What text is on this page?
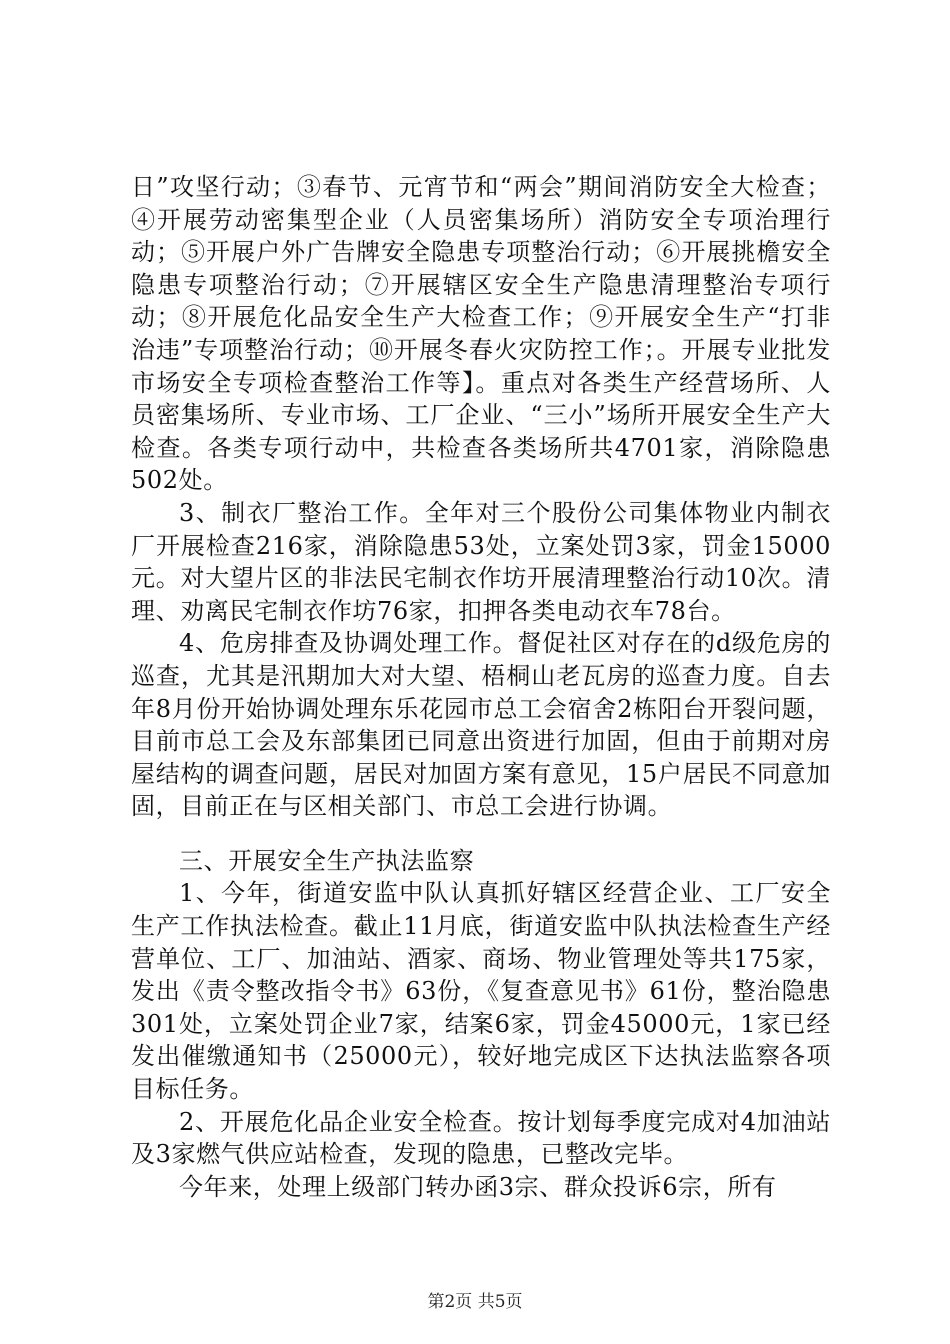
日”攻坚行动；③春节、元宵节和“两会”期间消防安全大检查；④开展劳动密集型企业（人员密集场所）消防安全专项治理行动；⑤开展户外广告牌安全隐患专项整治行动；⑥开展挑檐安全隐患专项整治行动；⑦开展辖区安全生产隐患清理整治专项行动；⑧开展危化品安全生产大检查工作；⑨开展安全生产“打非治违”专项整治行动；⑩开展冬春火灾防控工作；。开展专业批发市场安全专项检查整治工作等】。重点对各类生产经营场所、人员密集场所、专业市场、工厂企业、“三小”场所开展安全生产大检查。各类专项行动中，共检查各类场所共4701家，消除隐患502处。

3、制衣厂整治工作。全年对三个股份公司集体物业内制衣厂开展检查216家，消除隐患53处，立案处罚3家，罚金15000元。对大望片区的非法民宅制衣作坊开展清理整治行动10次。清理、劝离民宅制衣作坊76家，扣押各类电动衣车78台。

4、危房排查及协调处理工作。督促社区对存在的d级危房的巡查，尤其是汛期加大对大望、梧桐山老瓦房的巡查力度。自去年8月份开始协调处理东乐花园市总工会宿舍2栋阳台开裂问题，目前市总工会及东部集团已同意出资进行加固，但由于前期对房屋结构的调查问题，居民对加固方案有意见，15户居民不同意加固，目前正在与区相关部门、市总工会进行协调。

三、开展安全生产执法监察

1、今年，街道安监中队认真抓好辖区经营企业、工厂安全生产工作执法检查。截止11月底，街道安监中队执法检查生产经营单位、工厂、加油站、酒家、商场、物业管理处等共175家，发出《责令整改指令书》63份，《复查意见书》61份，整治隐患301处，立案处罚企业7家，结案6家，罚金45000元，1家已经发出催缴通知书（25000元），较好地完成区下达执法监察各项目标任务。

2、开展危化品企业安全检查。按计划每季度完成对4加油站及3家燃气供应站检查，发现的隐患，已整改完毕。

今年来，处理上级部门转办函3宗、群众投诉6宗，所有

第2页 共5页
